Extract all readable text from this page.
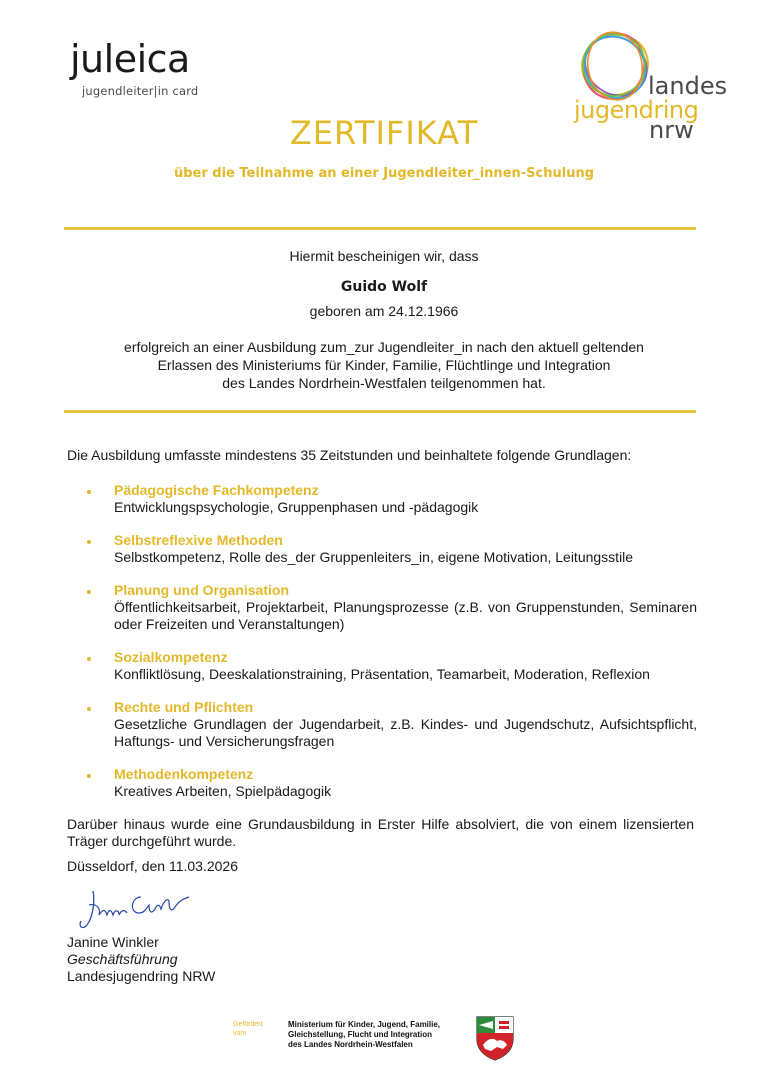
juleica
jugendleiter|in card	landes
jugendring
nrw
ZERTIFIKAT
über die Teilnahme an einer Jugendleiter_innen-Schulung
Hiermit bescheinigen wir, dass
Guido Wolf
geboren am 24.12.1966
erfolgreich an einer Ausbildung zum_zur Jugendleiter_in nach den aktuell geltenden
Erlassen des Ministeriums für Kinder, Familie, Flüchtlinge und Integration
des Landes Nordrhein-Westfalen teilgenommen hat.
Die Ausbildung umfasste mindestens 35 Zeitstunden und beinhaltete folgende Grundlagen:
Pädagogische Fachkompetenz
Entwicklungspsychologie, Gruppenphasen und -pädagogik
Selbstreflexive Methoden
Selbstkompetenz, Rolle des_der Gruppenleiters_in, eigene Motivation, Leitungsstile
Planung und Organisation
Öffentlichkeitsarbeit, Projektarbeit, Planungsprozesse (z.B. von Gruppenstunden, Seminaren oder Freizeiten und Veranstaltungen)
Sozialkompetenz
Konfliktlösung, Deeskalationstraining, Präsentation, Teamarbeit, Moderation, Reflexion
Rechte und Pflichten
Gesetzliche Grundlagen der Jugendarbeit, z.B. Kindes- und Jugendschutz, Aufsichtspflicht, Haftungs- und Versicherungsfragen
Methodenkompetenz
Kreatives Arbeiten, Spielpädagogik
Darüber hinaus wurde eine Grundausbildung in Erster Hilfe absolviert, die von einem lizensierten Träger durchgeführt wurde.
Düsseldorf, den 11.03.2026
Janine Winkler
Geschäftsführung
Landesjugendring NRW
Gefördert
vom
Ministerium für Kinder, Jugend, Familie,
Gleichstellung, Flucht und Integration
des Landes Nordrhein-Westfalen
